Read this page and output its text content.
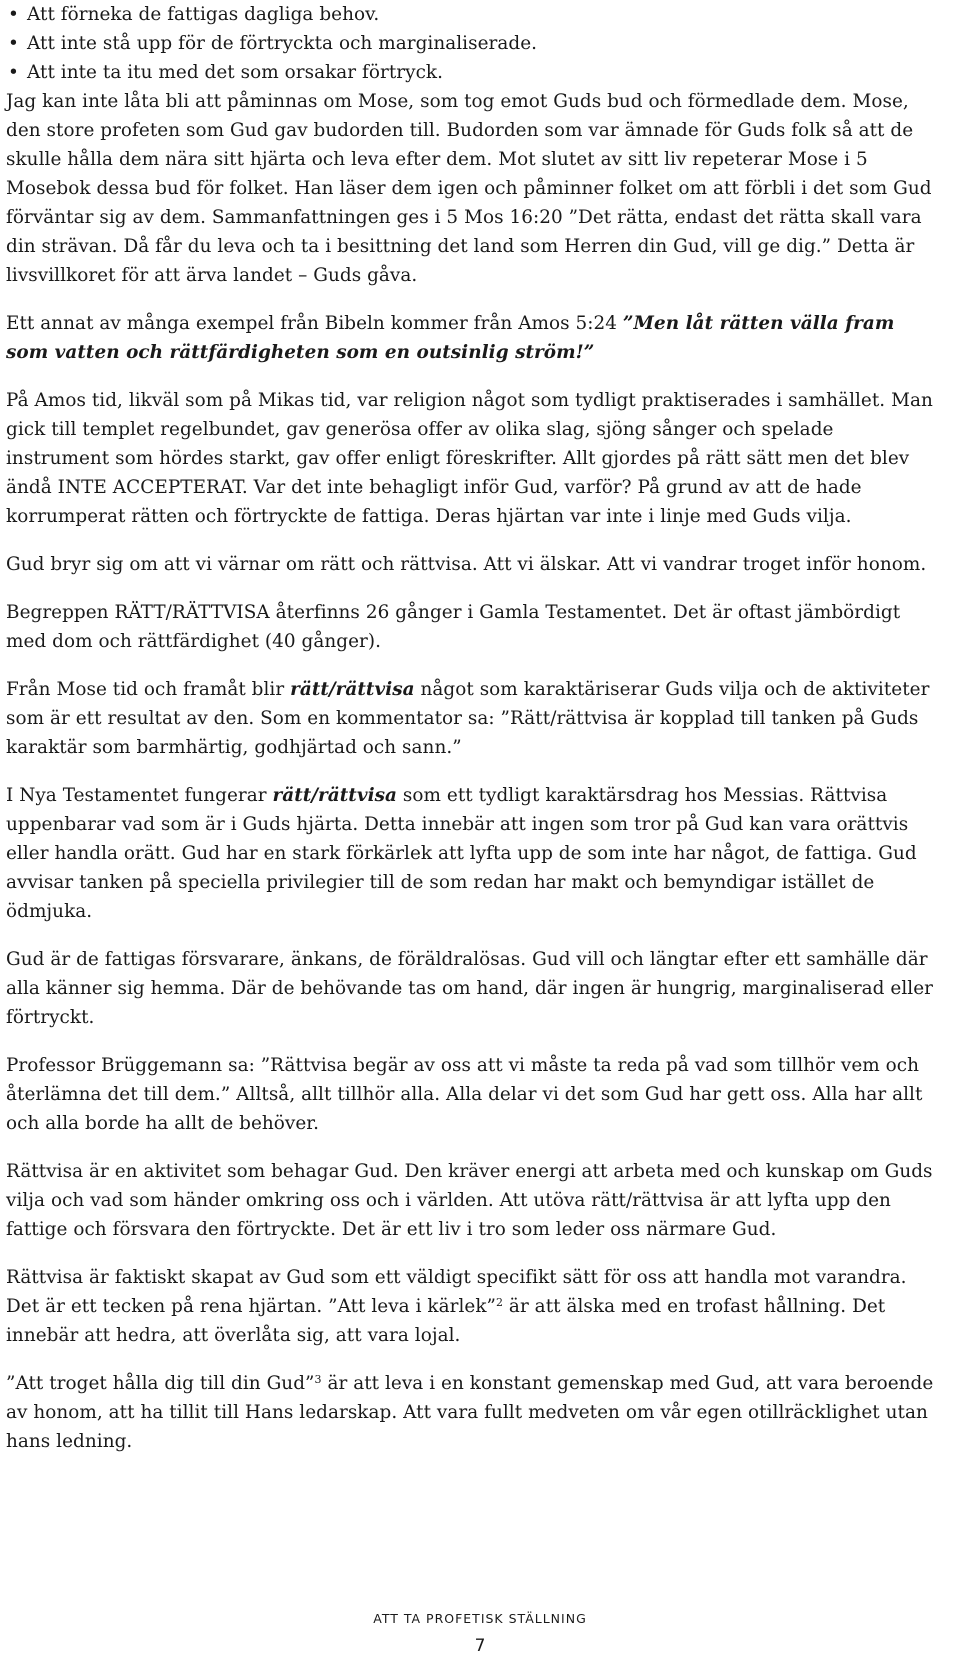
• Att förneka de fattigas dagliga behov.
• Att inte stå upp för de förtryckta och marginaliserade.
• Att inte ta itu med det som orsakar förtryck.

Jag kan inte låta bli att påminnas om Mose, som tog emot Guds bud och förmedlade dem. Mose, den store profeten som Gud gav budorden till. Budorden som var ämnade för Guds folk så att de skulle hålla dem nära sitt hjärta och leva efter dem. Mot slutet av sitt liv repeterar Mose i 5 Mosebok dessa bud för folket. Han läser dem igen och påminner folket om att förbli i det som Gud förväntar sig av dem. Sammanfattningen ges i 5 Mos 16:20 ”Det rätta, endast det rätta skall vara din strävan. Då får du leva och ta i besittning det land som Herren din Gud, vill ge dig.” Detta är livsvillkoret för att ärva landet – Guds gåva.

Ett annat av många exempel från Bibeln kommer från Amos 5:24 ”Men låt rätten välla fram som vatten och rättfärdigheten som en outsinlig ström!”

På Amos tid, likväl som på Mikas tid, var religion något som tydligt praktiserades i samhället. Man gick till templet regelbundet, gav generösa offer av olika slag, sjöng sånger och spelade instrument som hördes starkt, gav offer enligt föreskrifter. Allt gjordes på rätt sätt men det blev ändå INTE ACCEPTERAT. Var det inte behagligt inför Gud, varför? På grund av att de hade korrumperat rätten och förtryckte de fattiga. Deras hjärtan var inte i linje med Guds vilja.

Gud bryr sig om att vi värnar om rätt och rättvisa. Att vi älskar. Att vi vandrar troget inför honom.

Begreppen RÄTT/RÄTTVISA återfinns 26 gånger i Gamla Testamentet. Det är oftast jämbördigt med dom och rättfärdighet (40 gånger).

Från Mose tid och framåt blir rätt/rättvisa något som karaktäriserar Guds vilja och de aktiviteter som är ett resultat av den. Som en kommentator sa: ”Rätt/rättvisa är kopplad till tanken på Guds karaktär som barmhärtig, godhjärtad och sann.”

I Nya Testamentet fungerar rätt/rättvisa som ett tydligt karaktärsdrag hos Messias. Rättvisa uppenbarar vad som är i Guds hjärta. Detta innebär att ingen som tror på Gud kan vara orättvis eller handla orätt. Gud har en stark förkärlek att lyfta upp de som inte har något, de fattiga. Gud avvisar tanken på speciella privilegier till de som redan har makt och bemyndigar istället de ödmjuka.

Gud är de fattigas försvarare, änkans, de föräldralösas. Gud vill och längtar efter ett samhälle där alla känner sig hemma. Där de behövande tas om hand, där ingen är hungrig, marginaliserad eller förtryckt.

Professor Brüggemann sa: ”Rättvisa begär av oss att vi måste ta reda på vad som tillhör vem och återlämna det till dem.” Alltså, allt tillhör alla. Alla delar vi det som Gud har gett oss. Alla har allt och alla borde ha allt de behöver.

Rättvisa är en aktivitet som behagar Gud. Den kräver energi att arbeta med och kunskap om Guds vilja och vad som händer omkring oss och i världen. Att utöva rätt/rättvisa är att lyfta upp den fattige och försvara den förtryckte. Det är ett liv i tro som leder oss närmare Gud.

Rättvisa är faktiskt skapat av Gud som ett väldigt specifikt sätt för oss att handla mot varandra. Det är ett tecken på rena hjärtan. ”Att leva i kärlek”$^2$ är att älska med en trofast hållning. Det innebär att hedra, att överlåta sig, att vara lojal.

”Att troget hålla dig till din Gud”$^3$ är att leva i en konstant gemenskap med Gud, att vara beroende av honom, att ha tillit till Hans ledarskap. Att vara fullt medveten om vår egen otillräcklighet utan hans ledning.

ATT TA PROFETISK STÄLLNING
7
